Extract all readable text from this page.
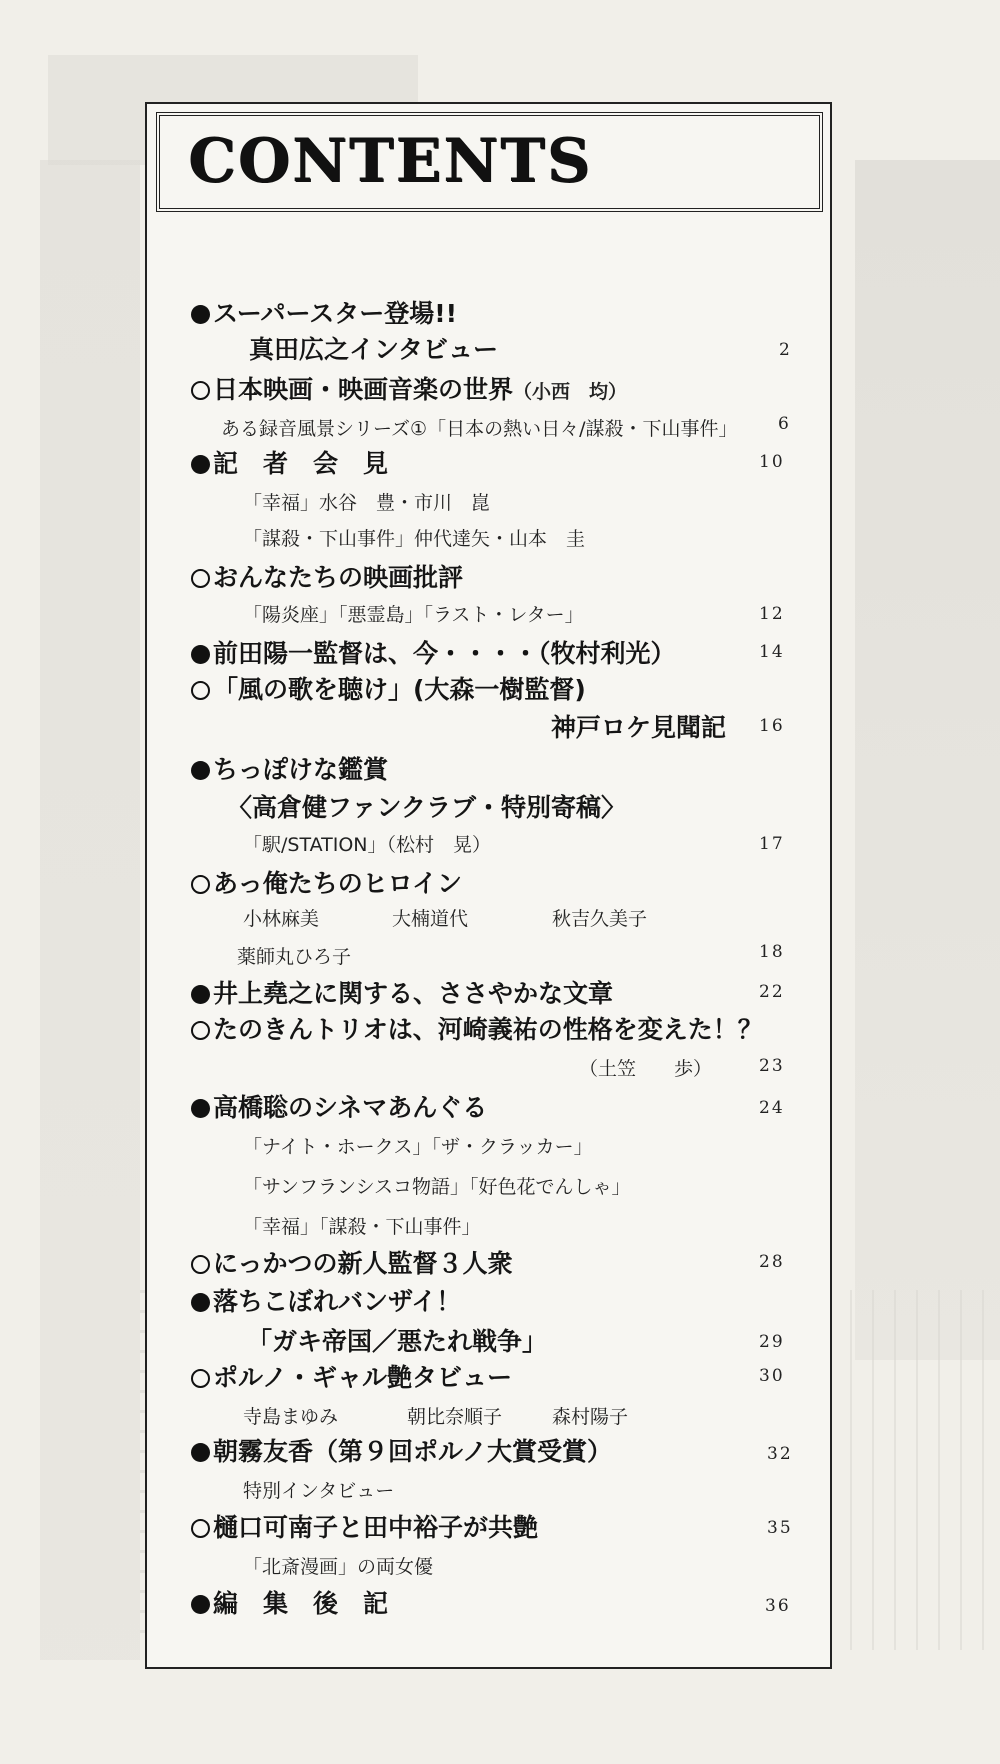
CONTENTS
スーパースター登場!!
真田広之インタビュー	2
日本映画・映画音楽の世界（小西　均）
ある録音風景シリーズ①「日本の熱い日々/謀殺・下山事件」 6
記　者　会　見	10
「幸福」水谷　豊・市川　崑
「謀殺・下山事件」仲代達矢・山本　圭
おんなたちの映画批評
「陽炎座」「悪霊島」「ラスト・レター」	12
前田陽一監督は、今・・・・（牧村利光）	14
「風の歌を聴け」(大森一樹監督)
神戸ロケ見聞記 16
ちっぽけな鑑賞
〈高倉健ファンクラブ・特別寄稿〉
「駅/STATION」（松村　晃）	17
あっ俺たちのヒロイン
小林麻美	大楠道代	秋吉久美子
薬師丸ひろ子	18
井上堯之に関する、ささやかな文章	22
たのきんトリオは、河崎義祐の性格を変えた！？
（土笠　　歩）	23
高橋聡のシネマあんぐる	24
「ナイト・ホークス」「ザ・クラッカー」
「サンフランシスコ物語」「好色花でんしゃ」
「幸福」「謀殺・下山事件」
にっかつの新人監督３人衆	28
落ちこぼれバンザイ！
「ガキ帝国／悪たれ戦争」	29
ポルノ・ギャル艶タビュー	30
寺島まゆみ	朝比奈順子	森村陽子
朝霧友香（第９回ポルノ大賞受賞）	32
特別インタビュー
樋口可南子と田中裕子が共艶	35
「北斎漫画」の両女優
編　集　後　記	36
